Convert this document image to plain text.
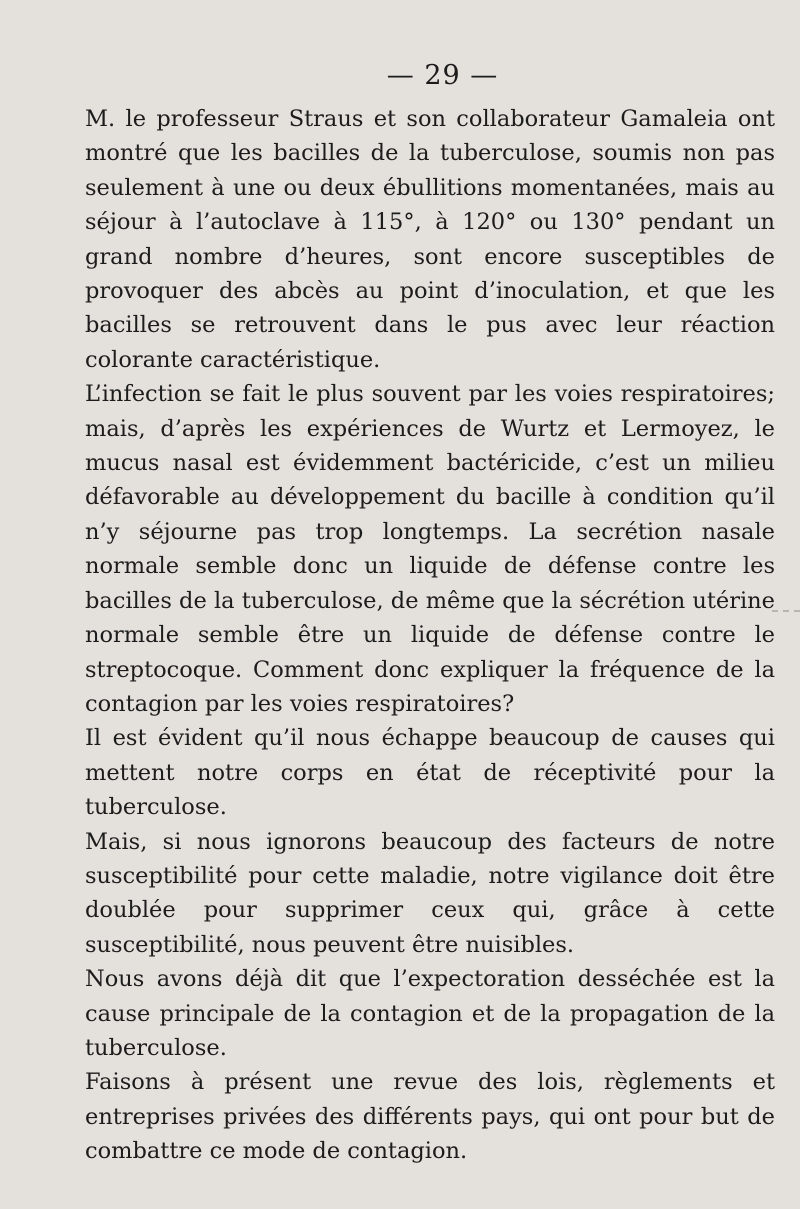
— 29 —

M. le professeur Straus et son collaborateur Gamaleia ont montré que les bacilles de la tuberculose, soumis non pas seulement à une ou deux ébullitions momentanées, mais au séjour à l’autoclave à 115°, à 120° ou 130° pendant un grand nombre d’heures, sont encore susceptibles de provoquer des abcès au point d’inoculation, et que les bacilles se retrouvent dans le pus avec leur réaction colorante caractéristique.

L’infection se fait le plus souvent par les voies respiratoires; mais, d’après les expériences de Wurtz et Lermoyez, le mucus nasal est évidemment bactéricide, c’est un milieu défavorable au développement du bacille à condition qu’il n’y séjourne pas trop longtemps. La secrétion nasale normale semble donc un liquide de défense contre les bacilles de la tuberculose, de même que la sécrétion utérine normale semble être un liquide de défense contre le streptocoque. Comment donc expliquer la fréquence de la contagion par les voies respiratoires?

Il est évident qu’il nous échappe beaucoup de causes qui mettent notre corps en état de réceptivité pour la tuberculose.

Mais, si nous ignorons beaucoup des facteurs de notre susceptibilité pour cette maladie, notre vigilance doit être doublée pour supprimer ceux qui, grâce à cette susceptibilité, nous peuvent être nuisibles.

Nous avons déjà dit que l’expectoration desséchée est la cause principale de la contagion et de la propagation de la tuberculose.

Faisons à présent une revue des lois, règlements et entreprises privées des différents pays, qui ont pour but de combattre ce mode de contagion.
